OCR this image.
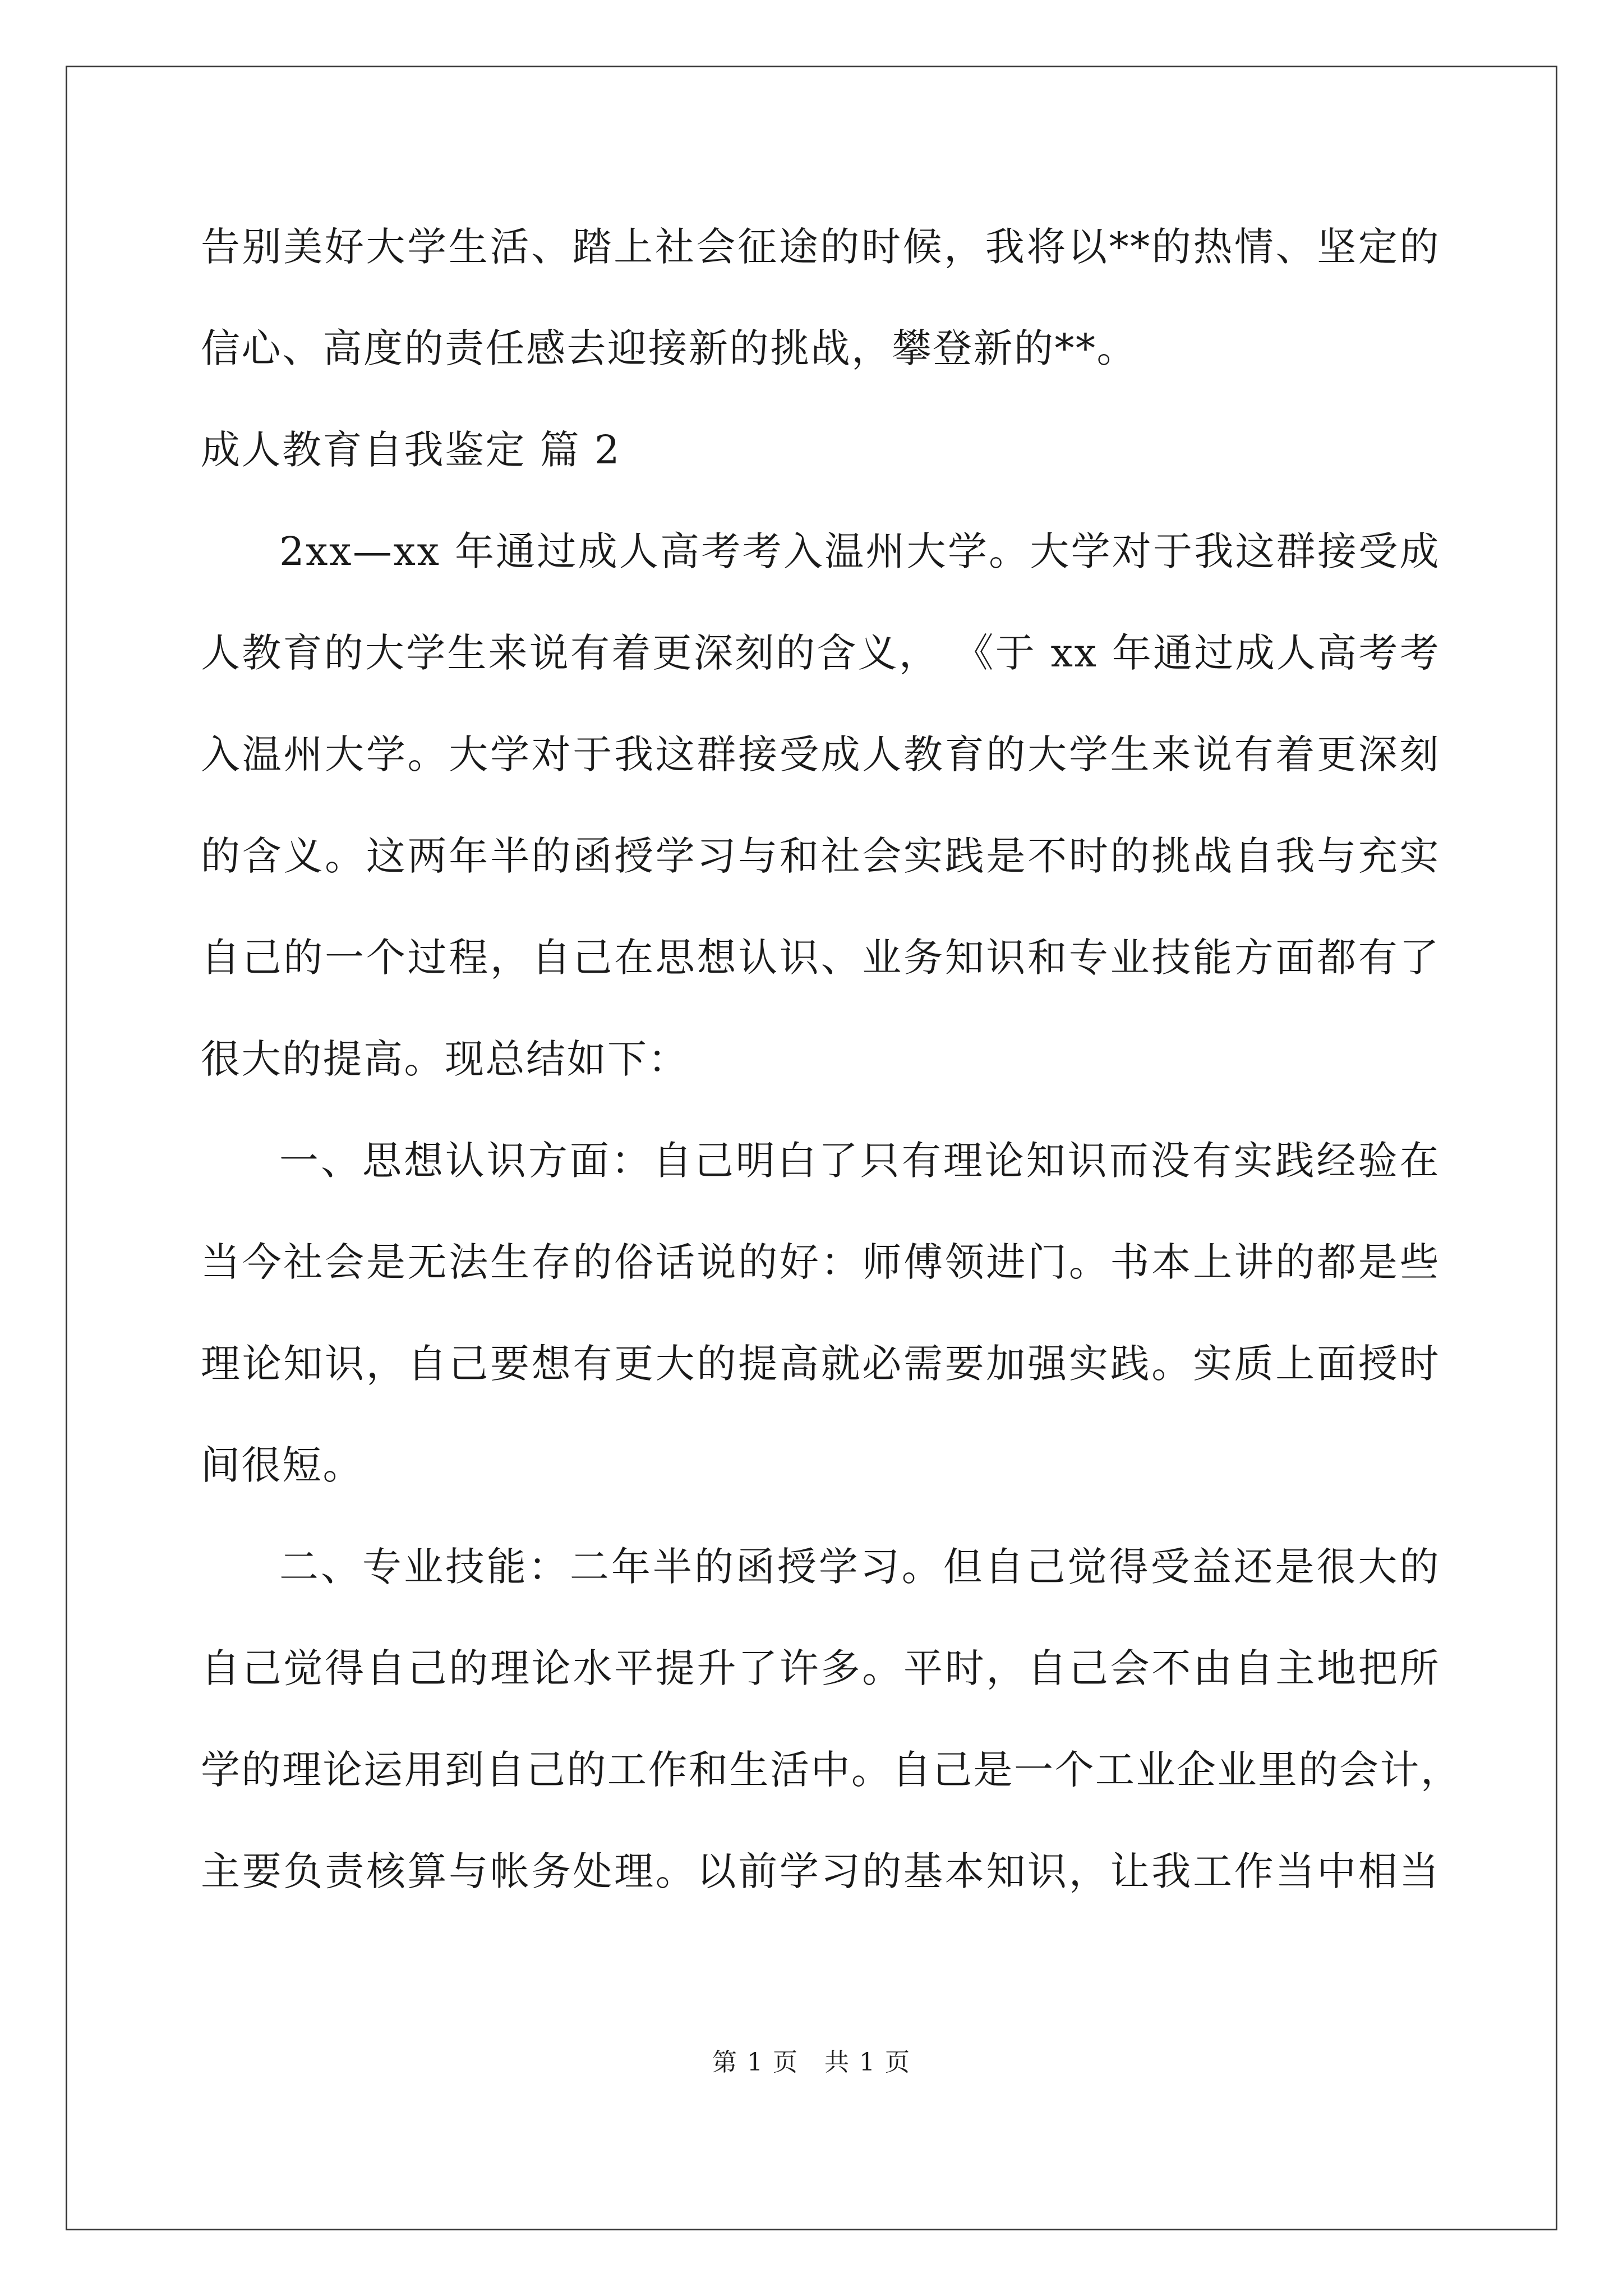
告别美好大学生活、踏上社会征途的时候，我将以**的热情、坚定的
信心、高度的责任感去迎接新的挑战，攀登新的**。
成人教育自我鉴定 篇 2
2xx—xx 年通过成人高考考入温州大学。大学对于我这群接受成
人教育的大学生来说有着更深刻的含义， 《于 xx 年通过成人高考考
入温州大学。大学对于我这群接受成人教育的大学生来说有着更深刻
的含义。这两年半的函授学习与和社会实践是不时的挑战自我与充实
自己的一个过程，自己在思想认识、业务知识和专业技能方面都有了
很大的提高。现总结如下：
一、思想认识方面：自己明白了只有理论知识而没有实践经验在
当今社会是无法生存的俗话说的好：师傅领进门。书本上讲的都是些
理论知识，自己要想有更大的提高就必需要加强实践。实质上面授时
间很短。
二、专业技能：二年半的函授学习。但自己觉得受益还是很大的
自己觉得自己的理论水平提升了许多。平时，自己会不由自主地把所
学的理论运用到自己的工作和生活中。自己是一个工业企业里的会计，
主要负责核算与帐务处理。以前学习的基本知识，让我工作当中相当
第 1 页　共 1 页
